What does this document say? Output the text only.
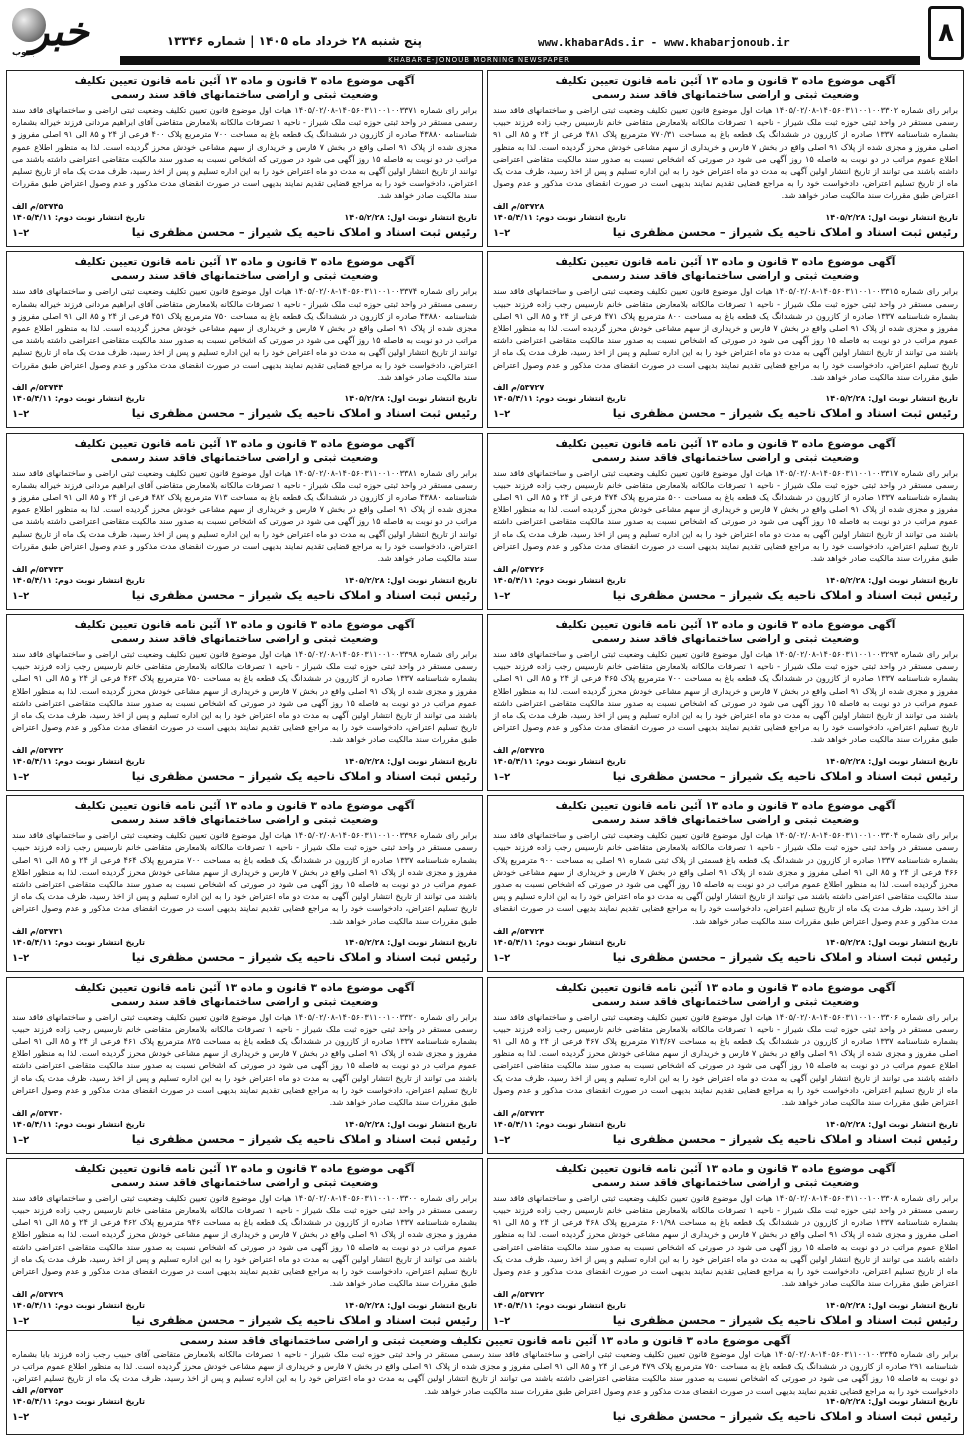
۸
خبر
جنوب
پنج شنبه ۲۸ خرداد ماه ۱۴۰۵ | شماره ۱۳۳۴۶	www.khabarAds.ir - www.khabarjonoub.ir
KHABAR-E-JONOUB MORNING NEWSPAPER
آگهی موضوع ماده ۳ قانون و ماده ۱۳ آئین نامه قانون تعیین تکلیف
وضعیت ثبتی و اراضی ساختمانهای فاقد سند رسمی
برابر رای شماره ۱۴۰۵۶۰۳۱۱۰۰۱۰۰۳۳۰۲-۱۴۰۵/۰۲/۰۸ هیات اول موضوع قانون تعیین تکلیف وضعیت ثبتی اراضی و ساختمانهای فاقد سند رسمی مستقر در واحد ثبتی حوزه ثبت ملک شیراز - ناحیه ۱ تصرفات مالکانه بلامعارض متقاضی خانم نارسیس رجب زاده فرزند حبیب بشماره شناسنامه ۱۳۳۷ صادره از کازرون در ششدانگ یک قطعه باغ به مساحت ۷۷۰/۳۱ مترمربع پلاک ۴۸۱ فرعی از ۲۴ و ۸۵ الی ۹۱ اصلی مفروز و مجزی شده از پلاک ۹۱ اصلی واقع در بخش ۷ فارس و خریداری از سهم مشاعی خودش محرز گردیده است. لذا به منظور اطلاع عموم مراتب در دو نوبت به فاصله ۱۵ روز آگهی می شود در صورتی که اشخاص نسبت به صدور سند مالکیت متقاضی اعتراضی داشته باشند می توانند از تاریخ انتشار اولین آگهی به مدت دو ماه اعتراض خود را به این اداره تسلیم و پس از اخذ رسید، ظرف مدت یک ماه از تاریخ تسلیم اعتراض، دادخواست خود را به مراجع قضایی تقدیم نمایند بدیهی است در صورت انقضای مدت مذکور و عدم وصول اعتراض طبق مقررات سند مالکیت صادر خواهد شد.
۵۳۷۲۸/م الف
تاریخ انتشار نوبت اول: ۱۴۰۵/۲/۲۸
تاریخ انتشار نوبت دوم: ۱۴۰۵/۴/۱۱
رئیس ثبت اسناد و املاک ناحیه یک شیراز – محسن مظفری نیا
۱–۲
آگهی موضوع ماده ۳ قانون و ماده ۱۳ آئین نامه قانون تعیین تکلیف
وضعیت ثبتی و اراضی ساختمانهای فاقد سند رسمی
برابر رای شماره ۱۴۰۵۶۰۳۱۱۰۰۱۰۰۳۳۷۱-۱۴۰۵/۰۲/۰۸ هیات اول موضوع قانون تعیین تکلیف وضعیت ثبتی اراضی و ساختمانهای فاقد سند رسمی مستقر در واحد ثبتی حوزه ثبت ملک شیراز - ناحیه ۱ تصرفات مالکانه بلامعارض متقاضی آقای ابراهیم مردانی فرزند خیراله بشماره شناسنامه ۴۳۸۸۰ صادره از کازرون در ششدانگ یک قطعه باغ به مساحت ۷۰۰ مترمربع پلاک ۴۰۰ فرعی از ۲۴ و ۸۵ الی ۹۱ اصلی مفروز و مجزی شده از پلاک ۹۱ اصلی واقع در بخش ۷ فارس و خریداری از سهم مشاعی خودش محرز گردیده است. لذا به منظور اطلاع عموم مراتب در دو نوبت به فاصله ۱۵ روز آگهی می شود در صورتی که اشخاص نسبت به صدور سند مالکیت متقاضی اعتراضی داشته باشند می توانند از تاریخ انتشار اولین آگهی به مدت دو ماه اعتراض خود را به این اداره تسلیم و پس از اخذ رسید، ظرف مدت یک ماه از تاریخ تسلیم اعتراض، دادخواست خود را به مراجع قضایی تقدیم نمایند بدیهی است در صورت انقضای مدت مذکور و عدم وصول اعتراض طبق مقررات سند مالکیت صادر خواهد شد.
۵۳۷۴۵/م الف
تاریخ انتشار نوبت اول: ۱۴۰۵/۲/۲۸
تاریخ انتشار نوبت دوم: ۱۴۰۵/۴/۱۱
رئیس ثبت اسناد و املاک ناحیه یک شیراز – محسن مظفری نیا
۱–۲
آگهی موضوع ماده ۳ قانون و ماده ۱۳ آئین نامه قانون تعیین تکلیف
وضعیت ثبتی و اراضی ساختمانهای فاقد سند رسمی
برابر رای شماره ۱۴۰۵۶۰۳۱۱۰۰۱۰۰۳۳۱۵-۱۴۰۵/۰۲/۰۸ هیات اول موضوع قانون تعیین تکلیف وضعیت ثبتی اراضی و ساختمانهای فاقد سند رسمی مستقر در واحد ثبتی حوزه ثبت ملک شیراز - ناحیه ۱ تصرفات مالکانه بلامعارض متقاضی خانم نارسیس رجب زاده فرزند حبیب بشماره شناسنامه ۱۳۳۷ صادره از کازرون در ششدانگ یک قطعه باغ به مساحت ۸۰۰ مترمربع پلاک ۴۷۱ فرعی از ۲۴ و ۸۵ الی ۹۱ اصلی مفروز و مجزی شده از پلاک ۹۱ اصلی واقع در بخش ۷ فارس و خریداری از سهم مشاعی خودش محرز گردیده است. لذا به منظور اطلاع عموم مراتب در دو نوبت به فاصله ۱۵ روز آگهی می شود در صورتی که اشخاص نسبت به صدور سند مالکیت متقاضی اعتراضی داشته باشند می توانند از تاریخ انتشار اولین آگهی به مدت دو ماه اعتراض خود را به این اداره تسلیم و پس از اخذ رسید، ظرف مدت یک ماه از تاریخ تسلیم اعتراض، دادخواست خود را به مراجع قضایی تقدیم نمایند بدیهی است در صورت انقضای مدت مذکور و عدم وصول اعتراض طبق مقررات سند مالکیت صادر خواهد شد.
۵۳۷۲۷/م الف
تاریخ انتشار نوبت اول: ۱۴۰۵/۲/۲۸
تاریخ انتشار نوبت دوم: ۱۴۰۵/۴/۱۱
رئیس ثبت اسناد و املاک ناحیه یک شیراز – محسن مظفری نیا
۱–۲
آگهی موضوع ماده ۳ قانون و ماده ۱۳ آئین نامه قانون تعیین تکلیف
وضعیت ثبتی و اراضی ساختمانهای فاقد سند رسمی
برابر رای شماره ۱۴۰۵۶۰۳۱۱۰۰۱۰۰۳۳۷۴-۱۴۰۵/۰۲/۰۸ هیات اول موضوع قانون تعیین تکلیف وضعیت ثبتی اراضی و ساختمانهای فاقد سند رسمی مستقر در واحد ثبتی حوزه ثبت ملک شیراز - ناحیه ۱ تصرفات مالکانه بلامعارض متقاضی آقای ابراهیم مردانی فرزند خیراله بشماره شناسنامه ۴۳۸۸۰ صادره از کازرون در ششدانگ یک قطعه باغ به مساحت ۷۵۰ مترمربع پلاک ۴۵۱ فرعی از ۲۴ و ۸۵ الی ۹۱ اصلی مفروز و مجزی شده از پلاک ۹۱ اصلی واقع در بخش ۷ فارس و خریداری از سهم مشاعی خودش محرز گردیده است. لذا به منظور اطلاع عموم مراتب در دو نوبت به فاصله ۱۵ روز آگهی می شود در صورتی که اشخاص نسبت به صدور سند مالکیت متقاضی اعتراضی داشته باشند می توانند از تاریخ انتشار اولین آگهی به مدت دو ماه اعتراض خود را به این اداره تسلیم و پس از اخذ رسید، ظرف مدت یک ماه از تاریخ تسلیم اعتراض، دادخواست خود را به مراجع قضایی تقدیم نمایند بدیهی است در صورت انقضای مدت مذکور و عدم وصول اعتراض طبق مقررات سند مالکیت صادر خواهد شد.
۵۳۷۴۴/م الف
تاریخ انتشار نوبت اول: ۱۴۰۵/۲/۲۸
تاریخ انتشار نوبت دوم: ۱۴۰۵/۴/۱۱
رئیس ثبت اسناد و املاک ناحیه یک شیراز – محسن مظفری نیا
۱–۲
آگهی موضوع ماده ۳ قانون و ماده ۱۳ آئین نامه قانون تعیین تکلیف
وضعیت ثبتی و اراضی ساختمانهای فاقد سند رسمی
برابر رای شماره ۱۴۰۵۶۰۳۱۱۰۰۱۰۰۳۳۱۷-۱۴۰۵/۰۲/۰۸ هیات اول موضوع قانون تعیین تکلیف وضعیت ثبتی اراضی و ساختمانهای فاقد سند رسمی مستقر در واحد ثبتی حوزه ثبت ملک شیراز - ناحیه ۱ تصرفات مالکانه بلامعارض متقاضی خانم نارسیس رجب زاده فرزند حبیب بشماره شناسنامه ۱۳۳۷ صادره از کازرون در ششدانگ یک قطعه باغ به مساحت ۵۰۰ مترمربع پلاک ۴۷۴ فرعی از ۲۴ و ۸۵ الی ۹۱ اصلی مفروز و مجزی شده از پلاک ۹۱ اصلی واقع در بخش ۷ فارس و خریداری از سهم مشاعی خودش محرز گردیده است. لذا به منظور اطلاع عموم مراتب در دو نوبت به فاصله ۱۵ روز آگهی می شود در صورتی که اشخاص نسبت به صدور سند مالکیت متقاضی اعتراضی داشته باشند می توانند از تاریخ انتشار اولین آگهی به مدت دو ماه اعتراض خود را به این اداره تسلیم و پس از اخذ رسید، ظرف مدت یک ماه از تاریخ تسلیم اعتراض، دادخواست خود را به مراجع قضایی تقدیم نمایند بدیهی است در صورت انقضای مدت مذکور و عدم وصول اعتراض طبق مقررات سند مالکیت صادر خواهد شد.
۵۳۷۲۶/م الف
تاریخ انتشار نوبت اول: ۱۴۰۵/۲/۲۸
تاریخ انتشار نوبت دوم: ۱۴۰۵/۴/۱۱
رئیس ثبت اسناد و املاک ناحیه یک شیراز – محسن مظفری نیا
۱–۲
آگهی موضوع ماده ۳ قانون و ماده ۱۳ آئین نامه قانون تعیین تکلیف
وضعیت ثبتی و اراضی ساختمانهای فاقد سند رسمی
برابر رای شماره ۱۴۰۵۶۰۳۱۱۰۰۱۰۰۳۳۸۱-۱۴۰۵/۰۲/۰۸ هیات اول موضوع قانون تعیین تکلیف وضعیت ثبتی اراضی و ساختمانهای فاقد سند رسمی مستقر در واحد ثبتی حوزه ثبت ملک شیراز - ناحیه ۱ تصرفات مالکانه بلامعارض متقاضی آقای ابراهیم مردانی فرزند خیراله بشماره شناسنامه ۴۳۸۸۰ صادره از کازرون در ششدانگ یک قطعه باغ به مساحت ۷۱۳ مترمربع پلاک ۴۸۲ فرعی از ۲۴ و ۸۵ الی ۹۱ اصلی مفروز و مجزی شده از پلاک ۹۱ اصلی واقع در بخش ۷ فارس و خریداری از سهم مشاعی خودش محرز گردیده است. لذا به منظور اطلاع عموم مراتب در دو نوبت به فاصله ۱۵ روز آگهی می شود در صورتی که اشخاص نسبت به صدور سند مالکیت متقاضی اعتراضی داشته باشند می توانند از تاریخ انتشار اولین آگهی به مدت دو ماه اعتراض خود را به این اداره تسلیم و پس از اخذ رسید، ظرف مدت یک ماه از تاریخ تسلیم اعتراض، دادخواست خود را به مراجع قضایی تقدیم نمایند بدیهی است در صورت انقضای مدت مذکور و عدم وصول اعتراض طبق مقررات سند مالکیت صادر خواهد شد.
۵۳۷۳۳/م الف
تاریخ انتشار نوبت اول: ۱۴۰۵/۲/۲۸
تاریخ انتشار نوبت دوم: ۱۴۰۵/۴/۱۱
رئیس ثبت اسناد و املاک ناحیه یک شیراز – محسن مظفری نیا
۱–۲
آگهی موضوع ماده ۳ قانون و ماده ۱۳ آئین نامه قانون تعیین تکلیف
وضعیت ثبتی و اراضی ساختمانهای فاقد سند رسمی
برابر رای شماره ۱۴۰۵۶۰۳۱۱۰۰۱۰۰۳۲۹۳-۱۴۰۵/۰۲/۰۸ هیات اول موضوع قانون تعیین تکلیف وضعیت ثبتی اراضی و ساختمانهای فاقد سند رسمی مستقر در واحد ثبتی حوزه ثبت ملک شیراز - ناحیه ۱ تصرفات مالکانه بلامعارض متقاضی خانم نارسیس رجب زاده فرزند حبیب بشماره شناسنامه ۱۳۳۷ صادره از کازرون در ششدانگ یک قطعه باغ به مساحت ۷۰۰ مترمربع پلاک ۴۶۵ فرعی از ۲۴ و ۸۵ الی ۹۱ اصلی مفروز و مجزی شده از پلاک ۹۱ اصلی واقع در بخش ۷ فارس و خریداری از سهم مشاعی خودش محرز گردیده است. لذا به منظور اطلاع عموم مراتب در دو نوبت به فاصله ۱۵ روز آگهی می شود در صورتی که اشخاص نسبت به صدور سند مالکیت متقاضی اعتراضی داشته باشند می توانند از تاریخ انتشار اولین آگهی به مدت دو ماه اعتراض خود را به این اداره تسلیم و پس از اخذ رسید، ظرف مدت یک ماه از تاریخ تسلیم اعتراض، دادخواست خود را به مراجع قضایی تقدیم نمایند بدیهی است در صورت انقضای مدت مذکور و عدم وصول اعتراض طبق مقررات سند مالکیت صادر خواهد شد.
۵۳۷۲۵/م الف
تاریخ انتشار نوبت اول: ۱۴۰۵/۲/۲۸
تاریخ انتشار نوبت دوم: ۱۴۰۵/۴/۱۱
رئیس ثبت اسناد و املاک ناحیه یک شیراز – محسن مظفری نیا
۱–۲
آگهی موضوع ماده ۳ قانون و ماده ۱۳ آئین نامه قانون تعیین تکلیف
وضعیت ثبتی و اراضی ساختمانهای فاقد سند رسمی
برابر رای شماره ۱۴۰۵۶۰۳۱۱۰۰۱۰۰۳۳۹۸-۱۴۰۵/۰۲/۰۸ هیات اول موضوع قانون تعیین تکلیف وضعیت ثبتی اراضی و ساختمانهای فاقد سند رسمی مستقر در واحد ثبتی حوزه ثبت ملک شیراز - ناحیه ۱ تصرفات مالکانه بلامعارض متقاضی خانم نارسیس رجب زاده فرزند حبیب بشماره شناسنامه ۱۳۳۷ صادره از کازرون در ششدانگ یک قطعه باغ به مساحت ۷۵۰ مترمربع پلاک ۴۶۳ فرعی از ۲۴ و ۸۵ الی ۹۱ اصلی مفروز و مجزی شده از پلاک ۹۱ اصلی واقع در بخش ۷ فارس و خریداری از سهم مشاعی خودش محرز گردیده است. لذا به منظور اطلاع عموم مراتب در دو نوبت به فاصله ۱۵ روز آگهی می شود در صورتی که اشخاص نسبت به صدور سند مالکیت متقاضی اعتراضی داشته باشند می توانند از تاریخ انتشار اولین آگهی به مدت دو ماه اعتراض خود را به این اداره تسلیم و پس از اخذ رسید، ظرف مدت یک ماه از تاریخ تسلیم اعتراض، دادخواست خود را به مراجع قضایی تقدیم نمایند بدیهی است در صورت انقضای مدت مذکور و عدم وصول اعتراض طبق مقررات سند مالکیت صادر خواهد شد.
۵۳۷۳۲/م الف
تاریخ انتشار نوبت اول: ۱۴۰۵/۲/۲۸
تاریخ انتشار نوبت دوم: ۱۴۰۵/۴/۱۱
رئیس ثبت اسناد و املاک ناحیه یک شیراز – محسن مظفری نیا
۱–۲
آگهی موضوع ماده ۳ قانون و ماده ۱۳ آئین نامه قانون تعیین تکلیف
وضعیت ثبتی و اراضی ساختمانهای فاقد سند رسمی
برابر رای شماره ۱۴۰۵۶۰۳۱۱۰۰۱۰۰۳۳۰۴-۱۴۰۵/۰۲/۰۸ هیات اول موضوع قانون تعیین تکلیف وضعیت ثبتی اراضی و ساختمانهای فاقد سند رسمی مستقر در واحد ثبتی حوزه ثبت ملک شیراز - ناحیه ۱ تصرفات مالکانه بلامعارض متقاضی خانم نارسیس رجب زاده فرزند حبیب بشماره شناسنامه ۱۳۳۷ صادره از کازرون در ششدانگ یک قطعه باغ قسمتی از پلاک ثبتی شماره ۹۱ اصلی به مساحت ۹۰۰ مترمربع پلاک ۴۶۶ فرعی از ۲۴ و ۸۵ الی ۹۱ اصلی مفروز و مجزی شده از پلاک ۹۱ اصلی واقع در بخش ۷ فارس و خریداری از سهم مشاعی خودش محرز گردیده است. لذا به منظور اطلاع عموم مراتب در دو نوبت به فاصله ۱۵ روز آگهی می شود در صورتی که اشخاص نسبت به صدور سند مالکیت متقاضی اعتراضی داشته باشند می توانند از تاریخ انتشار اولین آگهی به مدت دو ماه اعتراض خود را به این اداره تسلیم و پس از اخذ رسید، ظرف مدت یک ماه از تاریخ تسلیم اعتراض، دادخواست خود را به مراجع قضایی تقدیم نمایند بدیهی است در صورت انقضای مدت مذکور و عدم وصول اعتراض طبق مقررات سند مالکیت صادر خواهد شد.
۵۳۷۲۴/م الف
تاریخ انتشار نوبت اول: ۱۴۰۵/۲/۲۸
تاریخ انتشار نوبت دوم: ۱۴۰۵/۴/۱۱
رئیس ثبت اسناد و املاک ناحیه یک شیراز – محسن مظفری نیا
۱–۲
آگهی موضوع ماده ۳ قانون و ماده ۱۳ آئین نامه قانون تعیین تکلیف
وضعیت ثبتی و اراضی ساختمانهای فاقد سند رسمی
برابر رای شماره ۱۴۰۵۶۰۳۱۱۰۰۱۰۰۳۳۹۶-۱۴۰۵/۰۲/۰۸ هیات اول موضوع قانون تعیین تکلیف وضعیت ثبتی اراضی و ساختمانهای فاقد سند رسمی مستقر در واحد ثبتی حوزه ثبت ملک شیراز - ناحیه ۱ تصرفات مالکانه بلامعارض متقاضی خانم نارسیس رجب زاده فرزند حبیب بشماره شناسنامه ۱۳۳۷ صادره از کازرون در ششدانگ یک قطعه باغ به مساحت ۷۰۰ مترمربع پلاک ۴۶۴ فرعی از ۲۴ و ۸۵ الی ۹۱ اصلی مفروز و مجزی شده از پلاک ۹۱ اصلی واقع در بخش ۷ فارس و خریداری از سهم مشاعی خودش محرز گردیده است. لذا به منظور اطلاع عموم مراتب در دو نوبت به فاصله ۱۵ روز آگهی می شود در صورتی که اشخاص نسبت به صدور سند مالکیت متقاضی اعتراضی داشته باشند می توانند از تاریخ انتشار اولین آگهی به مدت دو ماه اعتراض خود را به این اداره تسلیم و پس از اخذ رسید، ظرف مدت یک ماه از تاریخ تسلیم اعتراض، دادخواست خود را به مراجع قضایی تقدیم نمایند بدیهی است در صورت انقضای مدت مذکور و عدم وصول اعتراض طبق مقررات سند مالکیت صادر خواهد شد.
۵۳۷۳۱/م الف
تاریخ انتشار نوبت اول: ۱۴۰۵/۲/۲۸
تاریخ انتشار نوبت دوم: ۱۴۰۵/۴/۱۱
رئیس ثبت اسناد و املاک ناحیه یک شیراز – محسن مظفری نیا
۱–۲
آگهی موضوع ماده ۳ قانون و ماده ۱۳ آئین نامه قانون تعیین تکلیف
وضعیت ثبتی و اراضی ساختمانهای فاقد سند رسمی
برابر رای شماره ۱۴۰۵۶۰۳۱۱۰۰۱۰۰۳۳۰۶-۱۴۰۵/۰۲/۰۸ هیات اول موضوع قانون تعیین تکلیف وضعیت ثبتی اراضی و ساختمانهای فاقد سند رسمی مستقر در واحد ثبتی حوزه ثبت ملک شیراز - ناحیه ۱ تصرفات مالکانه بلامعارض متقاضی خانم نارسیس رجب زاده فرزند حبیب بشماره شناسنامه ۱۳۳۷ صادره از کازرون در ششدانگ یک قطعه باغ به مساحت ۷۱۴/۶۷ مترمربع پلاک ۴۶۷ فرعی از ۲۴ و ۸۵ الی ۹۱ اصلی مفروز و مجزی شده از پلاک ۹۱ اصلی واقع در بخش ۷ فارس و خریداری از سهم مشاعی خودش محرز گردیده است. لذا به منظور اطلاع عموم مراتب در دو نوبت به فاصله ۱۵ روز آگهی می شود در صورتی که اشخاص نسبت به صدور سند مالکیت متقاضی اعتراضی داشته باشند می توانند از تاریخ انتشار اولین آگهی به مدت دو ماه اعتراض خود را به این اداره تسلیم و پس از اخذ رسید، ظرف مدت یک ماه از تاریخ تسلیم اعتراض، دادخواست خود را به مراجع قضایی تقدیم نمایند بدیهی است در صورت انقضای مدت مذکور و عدم وصول اعتراض طبق مقررات سند مالکیت صادر خواهد شد.
۵۳۷۲۳/م الف
تاریخ انتشار نوبت اول: ۱۴۰۵/۲/۲۸
تاریخ انتشار نوبت دوم: ۱۴۰۵/۴/۱۱
رئیس ثبت اسناد و املاک ناحیه یک شیراز – محسن مظفری نیا
۱–۲
آگهی موضوع ماده ۳ قانون و ماده ۱۳ آئین نامه قانون تعیین تکلیف
وضعیت ثبتی و اراضی ساختمانهای فاقد سند رسمی
برابر رای شماره ۱۴۰۵۶۰۳۱۱۰۰۱۰۰۳۳۲۰-۱۴۰۵/۰۲/۰۸ هیات اول موضوع قانون تعیین تکلیف وضعیت ثبتی اراضی و ساختمانهای فاقد سند رسمی مستقر در واحد ثبتی حوزه ثبت ملک شیراز - ناحیه ۱ تصرفات مالکانه بلامعارض متقاضی خانم نارسیس رجب زاده فرزند حبیب بشماره شناسنامه ۱۳۳۷ صادره از کازرون در ششدانگ یک قطعه باغ به مساحت ۸۲۵ مترمربع پلاک ۴۶۱ فرعی از ۲۴ و ۸۵ الی ۹۱ اصلی مفروز و مجزی شده از پلاک ۹۱ اصلی واقع در بخش ۷ فارس و خریداری از سهم مشاعی خودش محرز گردیده است. لذا به منظور اطلاع عموم مراتب در دو نوبت به فاصله ۱۵ روز آگهی می شود در صورتی که اشخاص نسبت به صدور سند مالکیت متقاضی اعتراضی داشته باشند می توانند از تاریخ انتشار اولین آگهی به مدت دو ماه اعتراض خود را به این اداره تسلیم و پس از اخذ رسید، ظرف مدت یک ماه از تاریخ تسلیم اعتراض، دادخواست خود را به مراجع قضایی تقدیم نمایند بدیهی است در صورت انقضای مدت مذکور و عدم وصول اعتراض طبق مقررات سند مالکیت صادر خواهد شد.
۵۳۷۳۰/م الف
تاریخ انتشار نوبت اول: ۱۴۰۵/۲/۲۸
تاریخ انتشار نوبت دوم: ۱۴۰۵/۴/۱۱
رئیس ثبت اسناد و املاک ناحیه یک شیراز – محسن مظفری نیا
۱–۲
آگهی موضوع ماده ۳ قانون و ماده ۱۳ آئین نامه قانون تعیین تکلیف
وضعیت ثبتی و اراضی ساختمانهای فاقد سند رسمی
برابر رای شماره ۱۴۰۵۶۰۳۱۱۰۰۱۰۰۳۳۰۸-۱۴۰۵/۰۲/۰۸ هیات اول موضوع قانون تعیین تکلیف وضعیت ثبتی اراضی و ساختمانهای فاقد سند رسمی مستقر در واحد ثبتی حوزه ثبت ملک شیراز - ناحیه ۱ تصرفات مالکانه بلامعارض متقاضی خانم نارسیس رجب زاده فرزند حبیب بشماره شناسنامه ۱۳۳۷ صادره از کازرون در ششدانگ یک قطعه باغ به مساحت ۶۰۱/۹۸ مترمربع پلاک ۴۶۸ فرعی از ۲۴ و ۸۵ الی ۹۱ اصلی مفروز و مجزی شده از پلاک ۹۱ اصلی واقع در بخش ۷ فارس و خریداری از سهم مشاعی خودش محرز گردیده است. لذا به منظور اطلاع عموم مراتب در دو نوبت به فاصله ۱۵ روز آگهی می شود در صورتی که اشخاص نسبت به صدور سند مالکیت متقاضی اعتراضی داشته باشند می توانند از تاریخ انتشار اولین آگهی به مدت دو ماه اعتراض خود را به این اداره تسلیم و پس از اخذ رسید، ظرف مدت یک ماه از تاریخ تسلیم اعتراض، دادخواست خود را به مراجع قضایی تقدیم نمایند بدیهی است در صورت انقضای مدت مذکور و عدم وصول اعتراض طبق مقررات سند مالکیت صادر خواهد شد.
۵۳۷۲۲/م الف
تاریخ انتشار نوبت اول: ۱۴۰۵/۲/۲۸
تاریخ انتشار نوبت دوم: ۱۴۰۵/۴/۱۱
رئیس ثبت اسناد و املاک ناحیه یک شیراز – محسن مظفری نیا
۱–۲
آگهی موضوع ماده ۳ قانون و ماده ۱۳ آئین نامه قانون تعیین تکلیف
وضعیت ثبتی و اراضی ساختمانهای فاقد سند رسمی
برابر رای شماره ۱۴۰۵۶۰۳۱۱۰۰۱۰۰۳۳۰۰-۱۴۰۵/۰۲/۰۸ هیات اول موضوع قانون تعیین تکلیف وضعیت ثبتی اراضی و ساختمانهای فاقد سند رسمی مستقر در واحد ثبتی حوزه ثبت ملک شیراز - ناحیه ۱ تصرفات مالکانه بلامعارض متقاضی خانم نارسیس رجب زاده فرزند حبیب بشماره شناسنامه ۱۳۳۷ صادره از کازرون در ششدانگ یک قطعه باغ به مساحت ۹۴۶ مترمربع پلاک ۴۶۲ فرعی از ۲۴ و ۸۵ الی ۹۱ اصلی مفروز و مجزی شده از پلاک ۹۱ اصلی واقع در بخش ۷ فارس و خریداری از سهم مشاعی خودش محرز گردیده است. لذا به منظور اطلاع عموم مراتب در دو نوبت به فاصله ۱۵ روز آگهی می شود در صورتی که اشخاص نسبت به صدور سند مالکیت متقاضی اعتراضی داشته باشند می توانند از تاریخ انتشار اولین آگهی به مدت دو ماه اعتراض خود را به این اداره تسلیم و پس از اخذ رسید، ظرف مدت یک ماه از تاریخ تسلیم اعتراض، دادخواست خود را به مراجع قضایی تقدیم نمایند بدیهی است در صورت انقضای مدت مذکور و عدم وصول اعتراض طبق مقررات سند مالکیت صادر خواهد شد.
۵۳۷۲۹/م الف
تاریخ انتشار نوبت اول: ۱۴۰۵/۲/۲۸
تاریخ انتشار نوبت دوم: ۱۴۰۵/۴/۱۱
رئیس ثبت اسناد و املاک ناحیه یک شیراز – محسن مظفری نیا
۱–۲
آگهی موضوع ماده ۳ قانون و ماده ۱۳ آئین نامه قانون تعیین تکلیف وضعیت ثبتی و اراضی ساختمانهای فاقد سند رسمی
برابر رای شماره ۱۴۰۵۶۰۳۱۱۰۰۱۰۰۳۳۴۵-۱۴۰۵/۰۲/۰۸ هیات اول موضوع قانون تعیین تکلیف وضعیت ثبتی اراضی و ساختمانهای فاقد سند رسمی مستقر در واحد ثبتی حوزه ثبت ملک شیراز - ناحیه ۱ تصرفات مالکانه بلامعارض متقاضی آقای حبیب رجب زاده فرزند بابا بشماره شناسنامه ۲۹۱ صادره از کازرون در ششدانگ یک قطعه باغ به مساحت ۷۵۰ مترمربع پلاک ۴۷۹ فرعی از ۲۴ و ۸۵ الی ۹۱ اصلی مفروز و مجزی شده از پلاک ۹۱ اصلی واقع در بخش ۷ فارس و خریداری از سهم مشاعی خودش محرز گردیده است. لذا به منظور اطلاع عموم مراتب در دو نوبت به فاصله ۱۵ روز آگهی می شود در صورتی که اشخاص نسبت به صدور سند مالکیت متقاضی اعتراضی داشته باشند می توانند از تاریخ انتشار اولین آگهی به مدت دو ماه اعتراض خود را به این اداره تسلیم و پس از اخذ رسید، ظرف مدت یک ماه از تاریخ تسلیم اعتراض، دادخواست خود را به مراجع قضایی تقدیم نمایند بدیهی است در صورت انقضای مدت مذکور و عدم وصول اعتراض طبق مقررات سند مالکیت صادر خواهد شد.
۵۳۷۵۳/م الف
تاریخ انتشار نوبت اول: ۱۴۰۵/۲/۲۸
تاریخ انتشار نوبت دوم: ۱۴۰۵/۴/۱۱
رئیس ثبت اسناد و املاک ناحیه یک شیراز – محسن مظفری نیا
۱–۲
